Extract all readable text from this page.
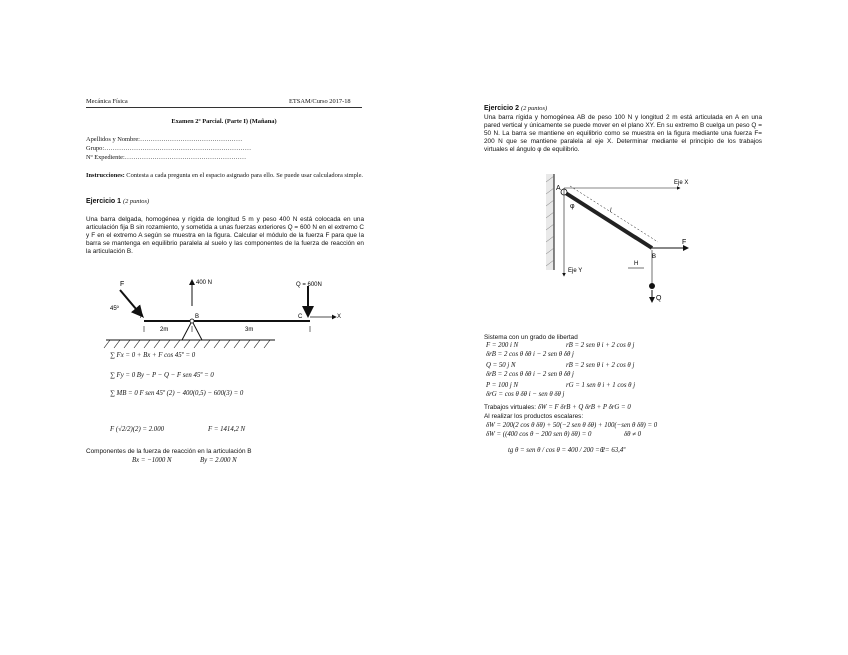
Mecánica Física	ETSAM/Curso 2017-18
Examen 2º Parcial. (Parte I) (Mañana)
Apellidos y Nombre:…………………………………………
Grupo:……………………………………………………………
Nº Expediente:…………………………………………………
Instrucciones: Contesta a cada pregunta en el espacio asignado para ello. Se puede usar calculadora simple.
Ejercicio 1 (2 puntos)
Una barra delgada, homogénea y rígida de longitud 5 m y peso 400 N está colocada en una articulación fija B sin rozamiento, y sometida a unas fuerzas exteriores Q = 600 N en el extremo C y F en el extremo A según se muestra en la figura. Calcular el módulo de la fuerza F para que la barra se mantenga en equilibrio paralela al suelo y las componentes de la fuerza de reacción en la articulación B.
F
45º
A	B	C	X
400 N	Q = 600N
2m	3m
∑ Fx = 0 + Bx + F cos 45º = 0
∑ Fy = 0 By − P − Q − F sen 45º = 0
∑ MB = 0 F sen 45º (2) − 400(0,5) − 600(3) = 0
F (√2/2)(2) = 2.000	F = 1414,2 N
Componentes de la fuerza de reacción en la articulación B
Bx = −1000 N	By = 2.000 N
Ejercicio 2 (2 puntos)
Una barra rígida y homogénea AB de peso 100 N y longitud 2 m está articulada en A en una pared vertical y únicamente se puede mover en el plano XY. En su extremo B cuelga un peso Q = 50 N. La barra se mantiene en equilibrio como se muestra en la figura mediante una fuerza F= 200 N que se mantiene paralela al eje X. Determinar mediante el principio de los trabajos virtuales el ángulo φ de equilibrio.
A
B
φ
l
Eje X
Eje Y
F
H
Q
Sistema con un grado de libertad
F = 200 i N	rB = 2 sen θ i + 2 cos θ j
δrB = 2 cos θ δθ i − 2 sen θ δθ j
Q = 50 j N	rB = 2 sen θ i + 2 cos θ j
δrB = 2 cos θ δθ i − 2 sen θ δθ j
P = 100 j N	rG = 1 sen θ i + 1 cos θ j
δrG = cos θ δθ i − sen θ δθ j
Trabajos virtuales: δW = F δrB + Q δrB + P δrG = 0
Al realizar los productos escalares:
δW = 200(2 cos θ δθ) + 50(−2 sen θ δθ) + 100(−sen θ δθ) = 0
δW = ((400 cos θ − 200 sen θ) δθ) = 0	δθ ≠ 0
tg θ = sen θ / cos θ = 400 / 200 = 2
θ = 63,4º
